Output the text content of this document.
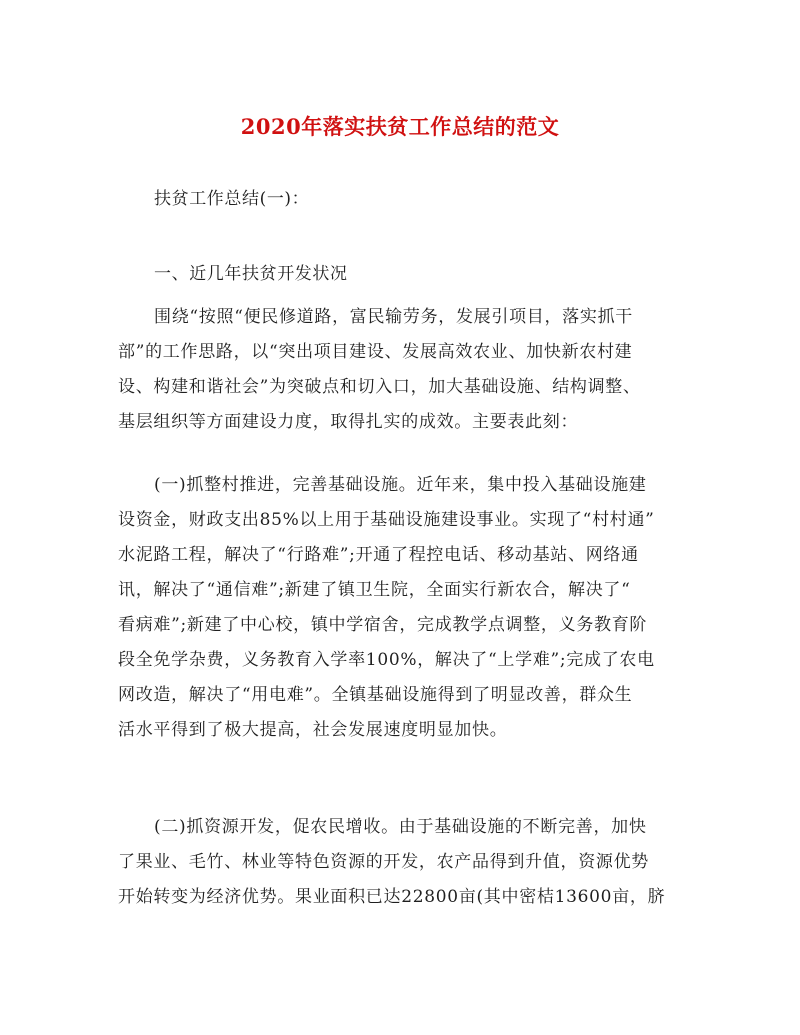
2020年落实扶贫工作总结的范文
扶贫工作总结(一)：
一、近几年扶贫开发状况
围绕“按照“便民修道路，富民输劳务，发展引项目，落实抓干
部”的工作思路，以“突出项目建设、发展高效农业、加快新农村建
设、构建和谐社会”为突破点和切入口，加大基础设施、结构调整、
基层组织等方面建设力度，取得扎实的成效。主要表此刻：
(一)抓整村推进，完善基础设施。近年来，集中投入基础设施建
设资金，财政支出85%以上用于基础设施建设事业。实现了“村村通”
水泥路工程，解决了“行路难”;开通了程控电话、移动基站、网络通
讯，解决了“通信难”;新建了镇卫生院，全面实行新农合，解决了“
看病难”;新建了中心校，镇中学宿舍，完成教学点调整，义务教育阶
段全免学杂费，义务教育入学率100%，解决了“上学难”;完成了农电
网改造，解决了“用电难”。全镇基础设施得到了明显改善，群众生
活水平得到了极大提高，社会发展速度明显加快。
(二)抓资源开发，促农民增收。由于基础设施的不断完善，加快
了果业、毛竹、林业等特色资源的开发，农产品得到升值，资源优势
开始转变为经济优势。果业面积已达22800亩(其中密桔13600亩，脐
